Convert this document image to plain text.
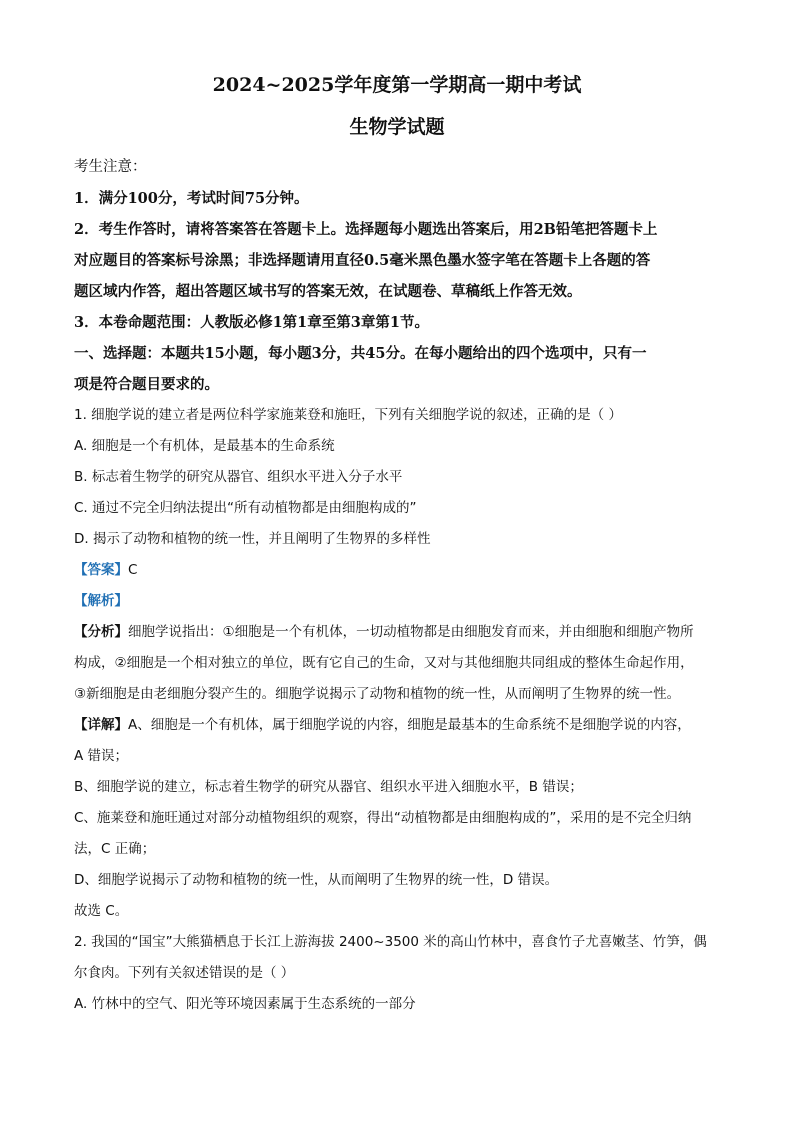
2024~2025学年度第一学期高一期中考试

生物学试题

考生注意：

1．满分100分，考试时间75分钟。

2．考生作答时，请将答案答在答题卡上。选择题每小题选出答案后，用2B铅笔把答题卡上

对应题目的答案标号涂黑；非选择题请用直径0.5毫米黑色墨水签字笔在答题卡上各题的答

题区域内作答，超出答题区域书写的答案无效，在试题卷、草稿纸上作答无效。

3．本卷命题范围：人教版必修1第1章至第3章第1节。

一、选择题：本题共15小题，每小题3分，共45分。在每小题给出的四个选项中，只有一

项是符合题目要求的。

1. 细胞学说的建立者是两位科学家施莱登和施旺，下列有关细胞学说的叙述，正确的是（ ）

A. 细胞是一个有机体，是最基本的生命系统

B. 标志着生物学的研究从器官、组织水平进入分子水平

C. 通过不完全归纳法提出“所有动植物都是由细胞构成的”

D. 揭示了动物和植物的统一性，并且阐明了生物界的多样性

【答案】C

【解析】

【分析】细胞学说指出：①细胞是一个有机体，一切动植物都是由细胞发育而来，并由细胞和细胞产物所

构成，②细胞是一个相对独立的单位，既有它自己的生命，又对与其他细胞共同组成的整体生命起作用，

③新细胞是由老细胞分裂产生的。细胞学说揭示了动物和植物的统一性，从而阐明了生物界的统一性。

【详解】A、细胞是一个有机体，属于细胞学说的内容，细胞是最基本的生命系统不是细胞学说的内容，

A 错误；

B、细胞学说的建立，标志着生物学的研究从器官、组织水平进入细胞水平，B 错误；

C、施莱登和施旺通过对部分动植物组织的观察，得出“动植物都是由细胞构成的”，采用的是不完全归纳

法，C 正确；

D、细胞学说揭示了动物和植物的统一性，从而阐明了生物界的统一性，D 错误。

故选 C。

2. 我国的“国宝”大熊猫栖息于长江上游海拔 2400~3500 米的高山竹林中，喜食竹子尤喜嫩茎、竹笋，偶

尔食肉。下列有关叙述错误的是（ ）

A. 竹林中的空气、阳光等环境因素属于生态系统的一部分
